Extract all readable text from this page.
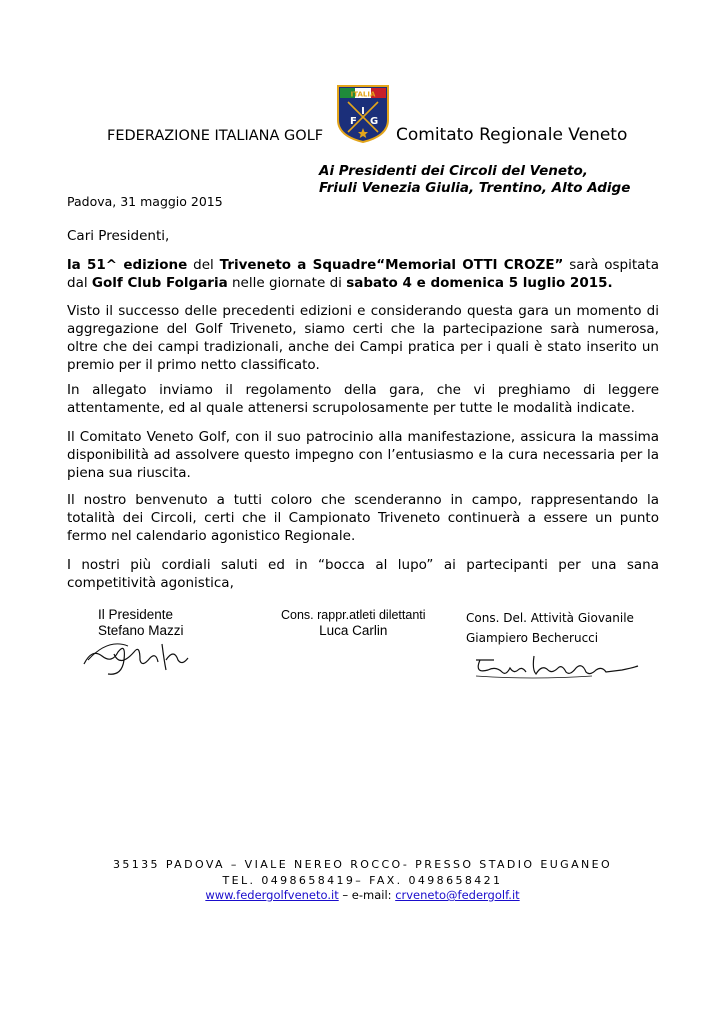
FEDERAZIONE ITALIANA GOLF
ITALIA
F
I
G
Comitato Regionale Veneto
Ai Presidenti dei Circoli del Veneto,
Friuli Venezia Giulia, Trentino, Alto Adige
Padova, 31 maggio 2015
Cari Presidenti,
la 51^ edizione del Triveneto a Squadre“Memorial OTTI CROZE” sarà ospitata dal Golf Club Folgaria nelle giornate di sabato 4 e domenica 5 luglio 2015.
Visto il successo delle precedenti edizioni e considerando questa gara un momento di aggregazione del Golf Triveneto, siamo certi che la partecipazione sarà numerosa, oltre che dei campi tradizionali, anche dei Campi pratica per i quali è stato inserito un premio per il primo netto classificato.
In allegato inviamo il regolamento della gara, che vi preghiamo di leggere attentamente, ed al quale attenersi scrupolosamente per tutte le modalità indicate.
Il Comitato Veneto Golf, con il suo patrocinio alla manifestazione, assicura la massima disponibilità ad assolvere questo impegno con l’entusiasmo e la cura necessaria per la piena sua riuscita.
Il nostro benvenuto a tutti coloro che scenderanno in campo, rappresentando la totalità dei Circoli, certi che il Campionato Triveneto continuerà a essere un punto fermo nel calendario agonistico Regionale.
I nostri più cordiali saluti ed in “bocca al lupo” ai partecipanti per una sana competitività agonistica,
Il Presidente
Stefano Mazzi
Cons. rappr.atleti dilettanti
Luca Carlin
Cons. Del. Attività Giovanile
Giampiero Becherucci
35135 PADOVA – VIALE NEREO ROCCO- PRESSO STADIO EUGANEO
TEL. 0498658419– FAX. 0498658421
www.federgolfveneto.it – e-mail: crveneto@federgolf.it
